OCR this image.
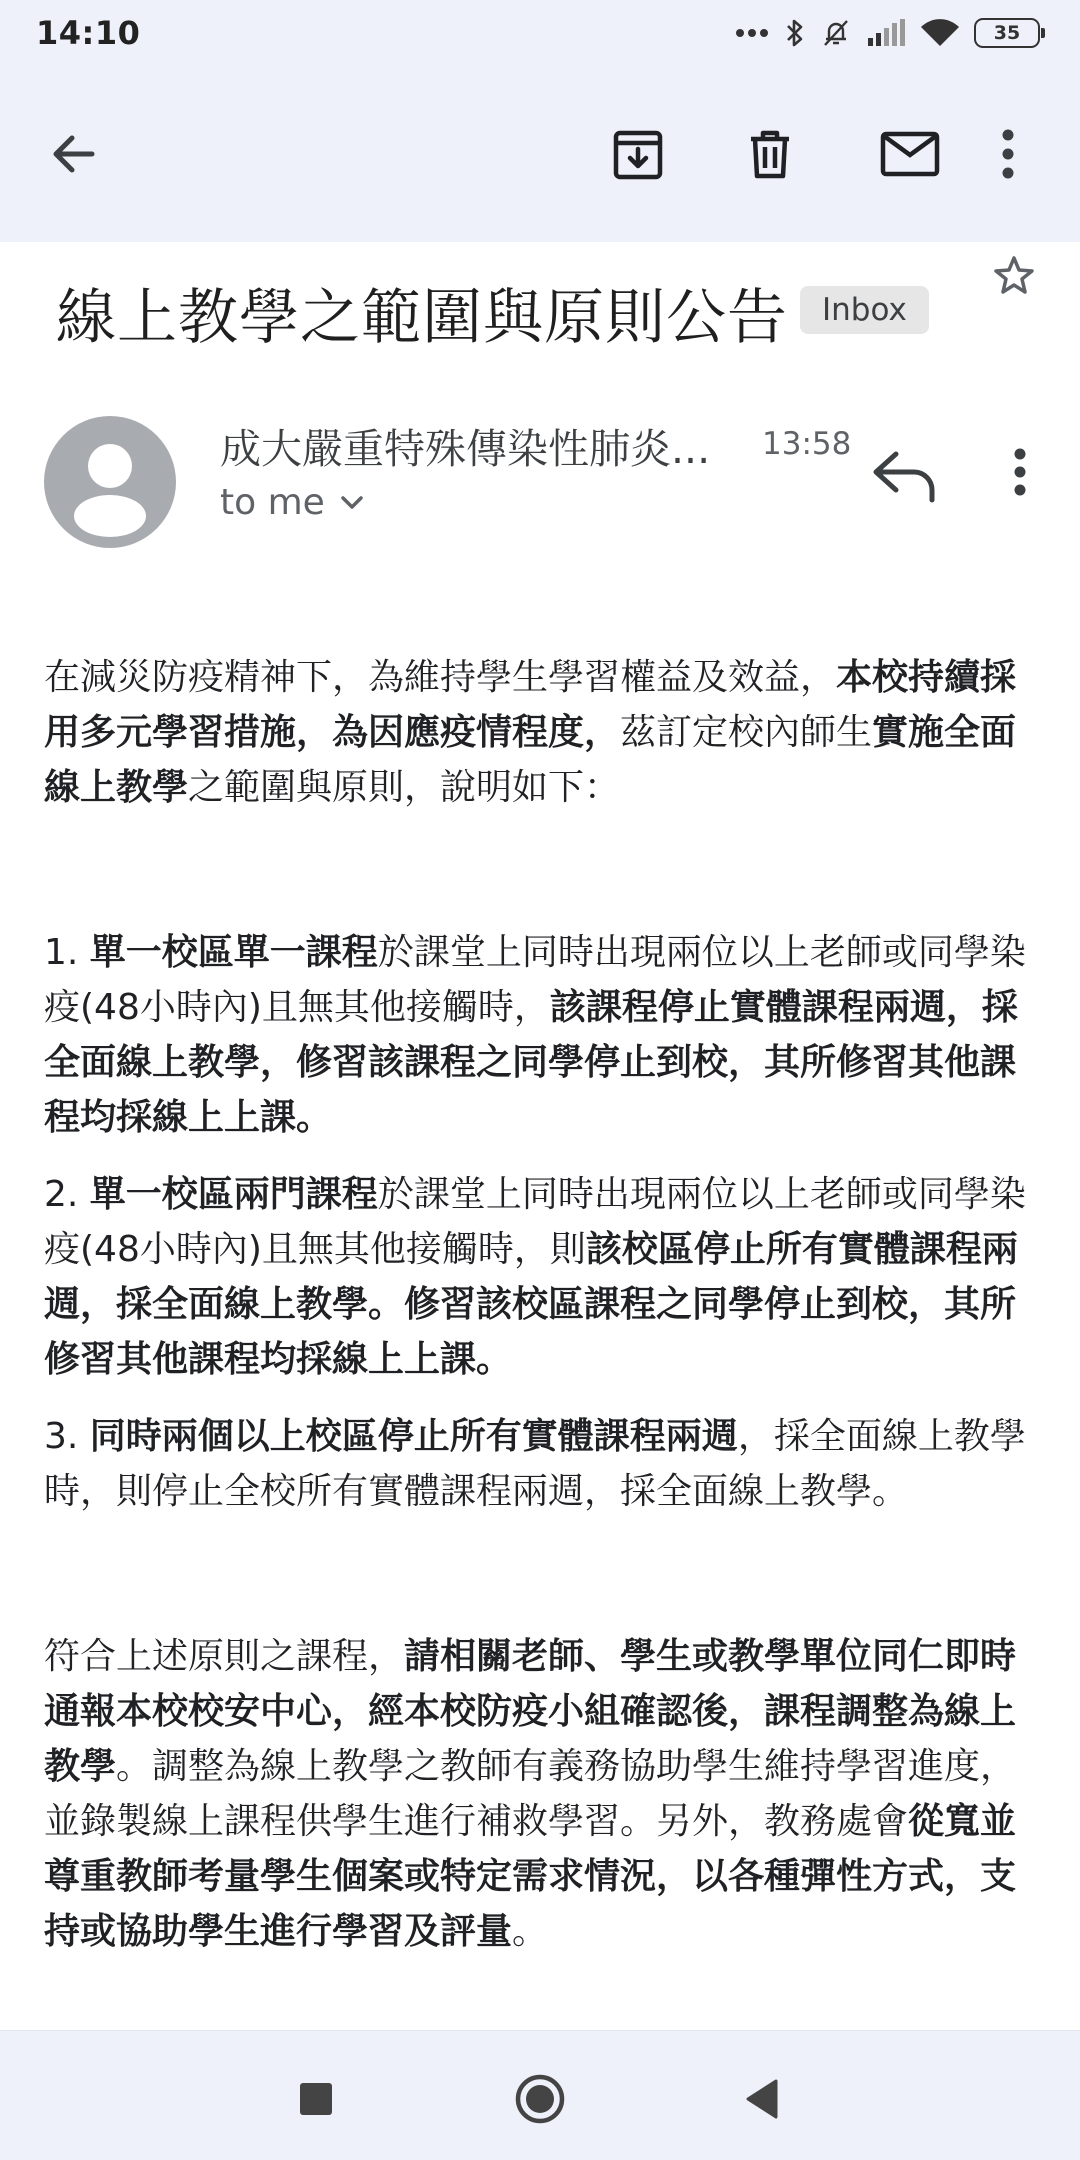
14:10	35
線上教學之範圍與原則公告	Inbox
成大嚴重特殊傳染性肺炎... 13:58
to me

在減災防疫精神下，為維持學生學習權益及效益，本校持續採用多元學習措施，為因應疫情程度，茲訂定校內師生實施全面線上教學之範圍與原則，說明如下：

1. 單一校區單一課程於課堂上同時出現兩位以上老師或同學染疫(48小時內)且無其他接觸時，該課程停止實體課程兩週，採全面線上教學，修習該課程之同學停止到校，其所修習其他課程均採線上上課。

2. 單一校區兩門課程於課堂上同時出現兩位以上老師或同學染疫(48小時內)且無其他接觸時，則該校區停止所有實體課程兩週，採全面線上教學。修習該校區課程之同學停止到校，其所修習其他課程均採線上上課。

3. 同時兩個以上校區停止所有實體課程兩週，採全面線上教學時，則停止全校所有實體課程兩週，採全面線上教學。

符合上述原則之課程，請相關老師、學生或教學單位同仁即時通報本校校安中心，經本校防疫小組確認後，課程調整為線上教學。調整為線上教學之教師有義務協助學生維持學習進度，並錄製線上課程供學生進行補救學習。另外，教務處會從寬並尊重教師考量學生個案或特定需求情況，以各種彈性方式，支持或協助學生進行學習及評量。
